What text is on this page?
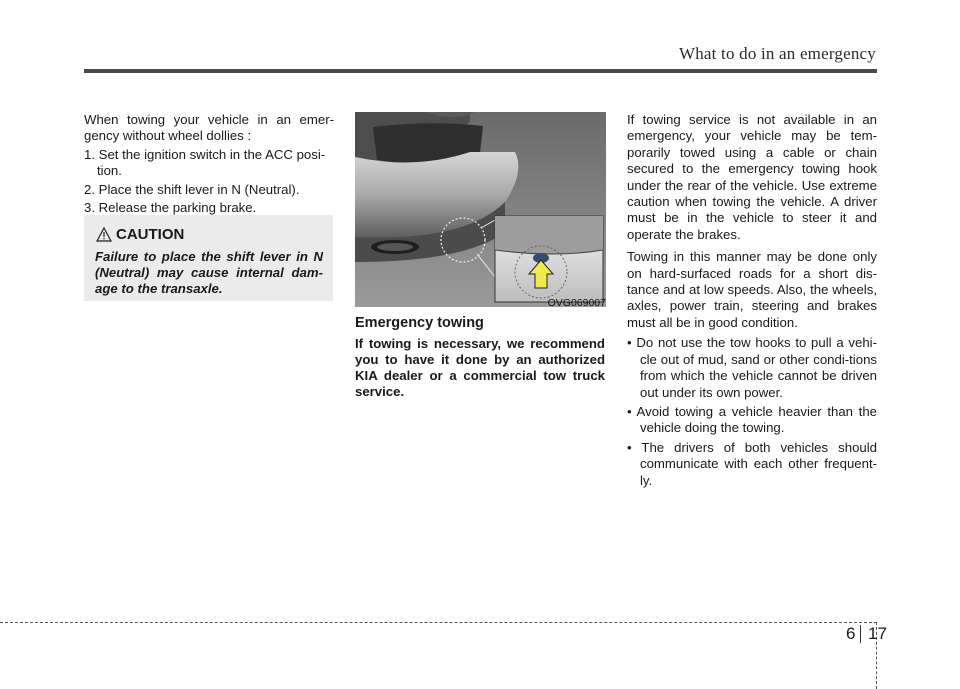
What to do in an emergency

When towing your vehicle in an emer-gency without wheel dollies :

1. Set the ignition switch in the ACC posi-tion.
2. Place the shift lever in N (Neutral).
3. Release the parking brake.
CAUTION
Failure to place the shift lever in N (Neutral) may cause internal dam-age to the transaxle.
OVG069007
Emergency towing
If towing is necessary, we recommend you to have it done by an authorized KIA dealer or a commercial tow truck service.

If towing service is not available in an emergency, your vehicle may be tem-porarily towed using a cable or chain secured to the emergency towing hook under the rear of the vehicle. Use extreme caution when towing the vehicle. A driver must be in the vehicle to steer it and operate the brakes.

Towing in this manner may be done only on hard-surfaced roads for a short dis-tance and at low speeds. Also, the wheels, axles, power train, steering and brakes must all be in good condition.

• Do not use the tow hooks to pull a vehi-cle out of mud, sand or other condi-tions from which the vehicle cannot be driven out under its own power.
• Avoid towing a vehicle heavier than the vehicle doing the towing.
• The drivers of both vehicles should communicate with each other frequent-ly.
6 17
